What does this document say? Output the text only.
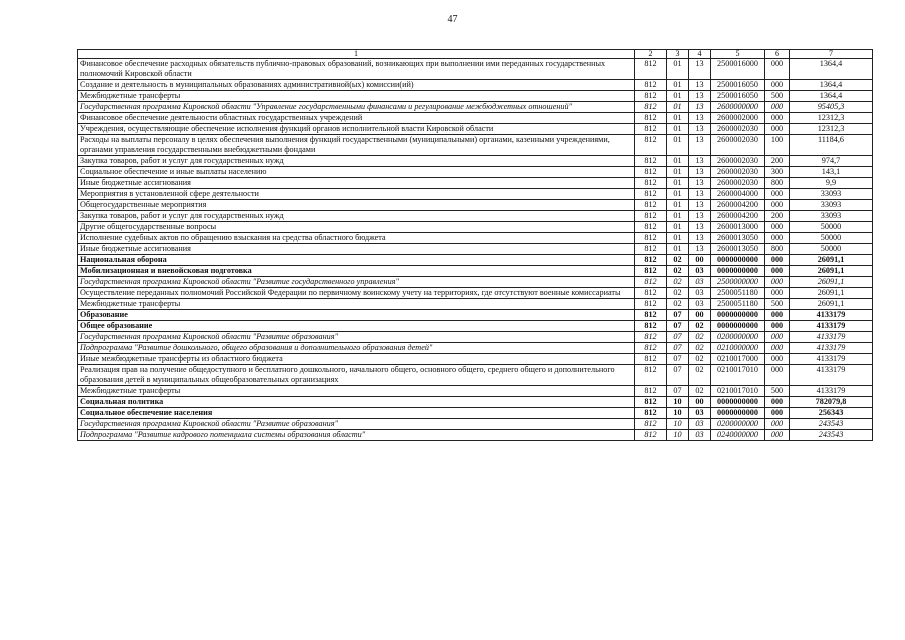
47
1	2	3	4	5	6	7
Финансовое обеспечение расходных обязательств публично-правовых образований, возникающих при выполнении ими переданных государственных полномочий Кировской области	812	01	13	2500016000	000	1364,4
Создание и деятельность в муниципальных образованиях административной(ых) комиссии(ий)	812	01	13	2500016050	000	1364,4
Межбюджетные трансферты	812	01	13	2500016050	500	1364,4
Государственная программа Кировской области "Управление государственными финансами и регулирование межбюджетных отношений"	812	01	13	2600000000	000	95405,3
Финансовое обеспечение деятельности областных государственных учреждений	812	01	13	2600002000	000	12312,3
Учреждения, осуществляющие обеспечение исполнения функций органов исполнительной власти Кировской области	812	01	13	2600002030	000	12312,3
Расходы на выплаты персоналу в целях обеспечения выполнения функций государственными (муниципальными) органами, казенными учреждениями, органами управления государственными внебюджетными фондами	812	01	13	2600002030	100	11184,6
Закупка товаров, работ и услуг для государственных нужд	812	01	13	2600002030	200	974,7
Социальное обеспечение и иные выплаты населению	812	01	13	2600002030	300	143,1
Иные бюджетные ассигнования	812	01	13	2600002030	800	9,9
Мероприятия в установленной сфере деятельности	812	01	13	2600004000	000	33093
Общегосударственные мероприятия	812	01	13	2600004200	000	33093
Закупка товаров, работ и услуг для государственных нужд	812	01	13	2600004200	200	33093
Другие общегосударственные вопросы	812	01	13	2600013000	000	50000
Исполнение судебных актов по обращению взыскания на средства областного бюджета	812	01	13	2600013050	000	50000
Иные бюджетные ассигнования	812	01	13	2600013050	800	50000
Национальная оборона	812	02	00	0000000000	000	26091,1
Мобилизационная и вневойсковая подготовка	812	02	03	0000000000	000	26091,1
Государственная программа Кировской области "Развитие государственного управления"	812	02	03	2500000000	000	26091,1
Осуществление переданных полномочий Российской Федерации по первичному воинскому учету на территориях, где отсутствуют военные комиссариаты	812	02	03	2500051180	000	26091,1
Межбюджетные трансферты	812	02	03	2500051180	500	26091,1
Образование	812	07	00	0000000000	000	4133179
Общее образование	812	07	02	0000000000	000	4133179
Государственная программа Кировской области "Развитие образования"	812	07	02	0200000000	000	4133179
Подпрограмма "Развитие дошкольного, общего образования и дополнительного образования детей"	812	07	02	0210000000	000	4133179
Иные межбюджетные трансферты из областного бюджета	812	07	02	0210017000	000	4133179
Реализация прав на получение общедоступного и бесплатного дошкольного, начального общего, основного общего, среднего общего и дополнительного образования детей в муниципальных общеобразовательных организациях	812	07	02	0210017010	000	4133179
Межбюджетные трансферты	812	07	02	0210017010	500	4133179
Социальная политика	812	10	00	0000000000	000	782079,8
Социальное обеспечение населения	812	10	03	0000000000	000	256343
Государственная программа Кировской области "Развитие образования"	812	10	03	0200000000	000	243543
Подпрограмма "Развитие кадрового потенциала системы образования области"	812	10	03	0240000000	000	243543
